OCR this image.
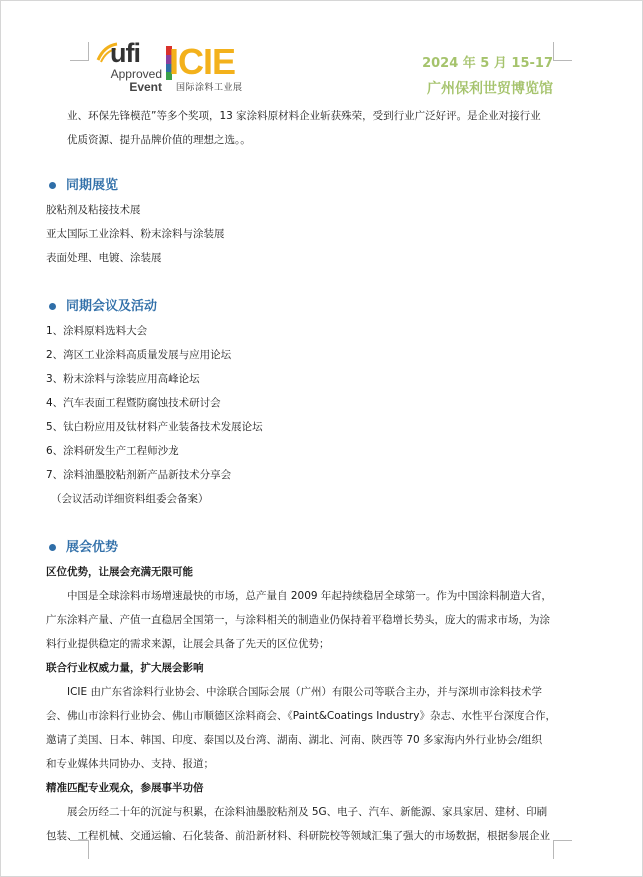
ufi
Approved
Event
ICIE
国际涂料工业展
2024 年 5 月 15-17
广州保利世贸博览馆
业、环保先锋模范”等多个奖项，13 家涂料原材料企业斩获殊荣，受到行业广泛好评。是企业对接行业
优质资源、提升品牌价值的理想之选。。
同期展览
胶粘剂及粘接技术展
亚太国际工业涂料、粉末涂料与涂装展
表面处理、电镀、涂装展
同期会议及活动
1、涂料原料选料大会
2、湾区工业涂料高质量发展与应用论坛
3、粉末涂料与涂装应用高峰论坛
4、汽车表面工程暨防腐蚀技术研讨会
5、钛白粉应用及钛材料产业装备技术发展论坛
6、涂料研发生产工程师沙龙
7、涂料油墨胶粘剂新产品新技术分享会
（会议活动详细资料组委会备案）
展会优势
区位优势，让展会充满无限可能
中国是全球涂料市场增速最快的市场，总产量自 2009 年起持续稳居全球第一。作为中国涂料制造大省，
广东涂料产量、产值一直稳居全国第一，与涂料相关的制造业仍保持着平稳增长势头，庞大的需求市场，为涂
料行业提供稳定的需求来源，让展会具备了先天的区位优势；
联合行业权威力量，扩大展会影响
ICIE 由广东省涂料行业协会、中涂联合国际会展（广州）有限公司等联合主办，并与深圳市涂料技术学
会、佛山市涂料行业协会、佛山市顺德区涂料商会、《Paint&Coatings Industry》杂志、水性平台深度合作，
邀请了美国、日本、韩国、印度、泰国以及台湾、湖南、湖北、河南、陕西等 70 多家海内外行业协会/组织
和专业媒体共同协办、支持、报道；
精准匹配专业观众，参展事半功倍
展会历经二十年的沉淀与积累，在涂料油墨胶粘剂及 5G、电子、汽车、新能源、家具家居、建材、印刷
包装、工程机械、交通运输、石化装备、前沿新材料、科研院校等领域汇集了强大的市场数据，根据参展企业
